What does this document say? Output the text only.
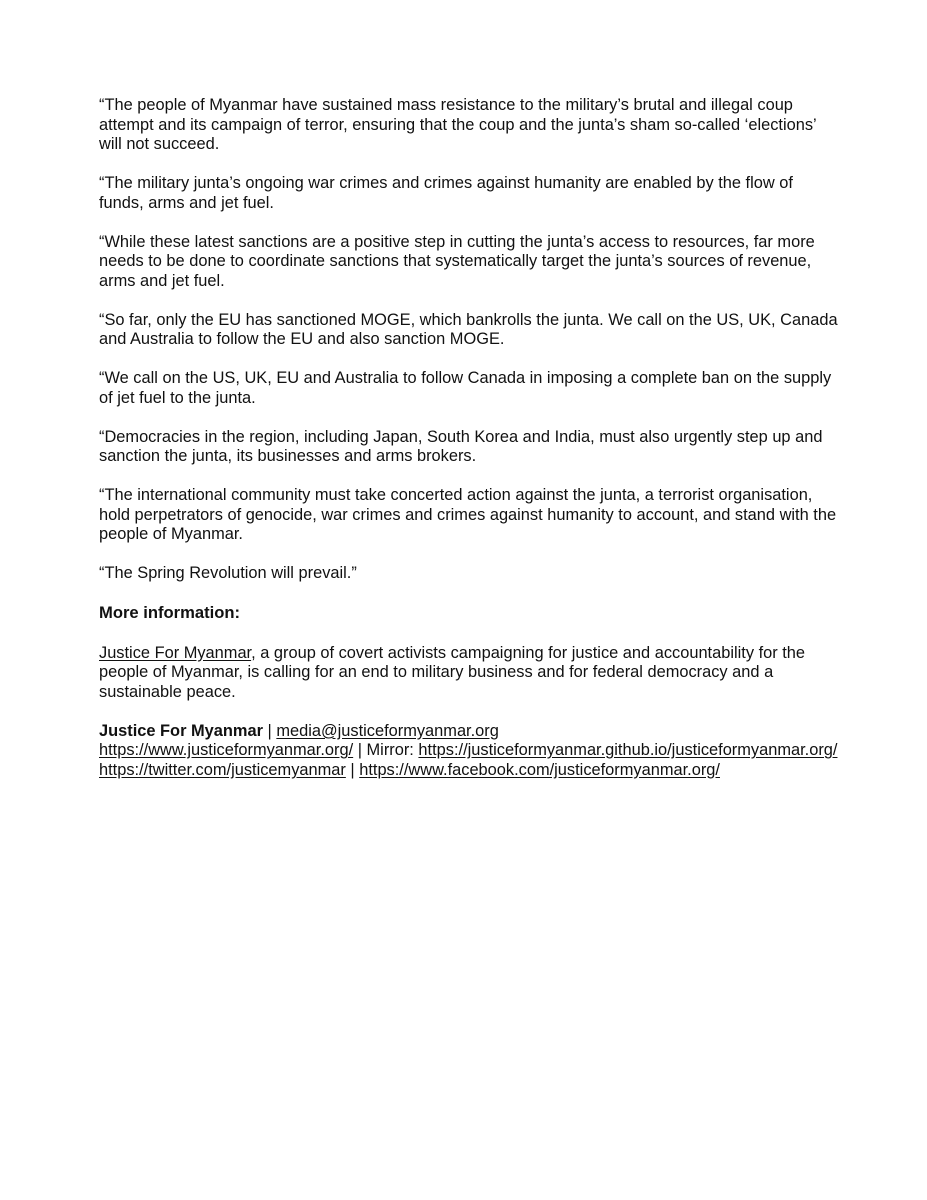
“The people of Myanmar have sustained mass resistance to the military’s brutal and illegal coup attempt and its campaign of terror, ensuring that the coup and the junta’s sham so-called ‘elections’ will not succeed.

“The military junta’s ongoing war crimes and crimes against humanity are enabled by the flow of funds, arms and jet fuel.

“While these latest sanctions are a positive step in cutting the junta’s access to resources, far more needs to be done to coordinate sanctions that systematically target the junta’s sources of revenue, arms and jet fuel.

“So far, only the EU has sanctioned MOGE, which bankrolls the junta. We call on the US, UK, Canada and Australia to follow the EU and also sanction MOGE.

“We call on the US, UK, EU and Australia to follow Canada in imposing a complete ban on the supply of jet fuel to the junta.

“Democracies in the region, including Japan, South Korea and India, must also urgently step up and sanction the junta, its businesses and arms brokers.

“The international community must take concerted action against the junta, a terrorist organisation, hold perpetrators of genocide, war crimes and crimes against humanity to account, and stand with the people of Myanmar.

“The Spring Revolution will prevail.”

More information:

Justice For Myanmar, a group of covert activists campaigning for justice and accountability for the people of Myanmar, is calling for an end to military business and for federal democracy and a sustainable peace.

Justice For Myanmar | media@justiceformyanmar.org

https://www.justiceformyanmar.org/ | Mirror: https://justiceformyanmar.github.io/justiceformyanmar.org/

https://twitter.com/justicemyanmar | https://www.facebook.com/justiceformyanmar.org/
